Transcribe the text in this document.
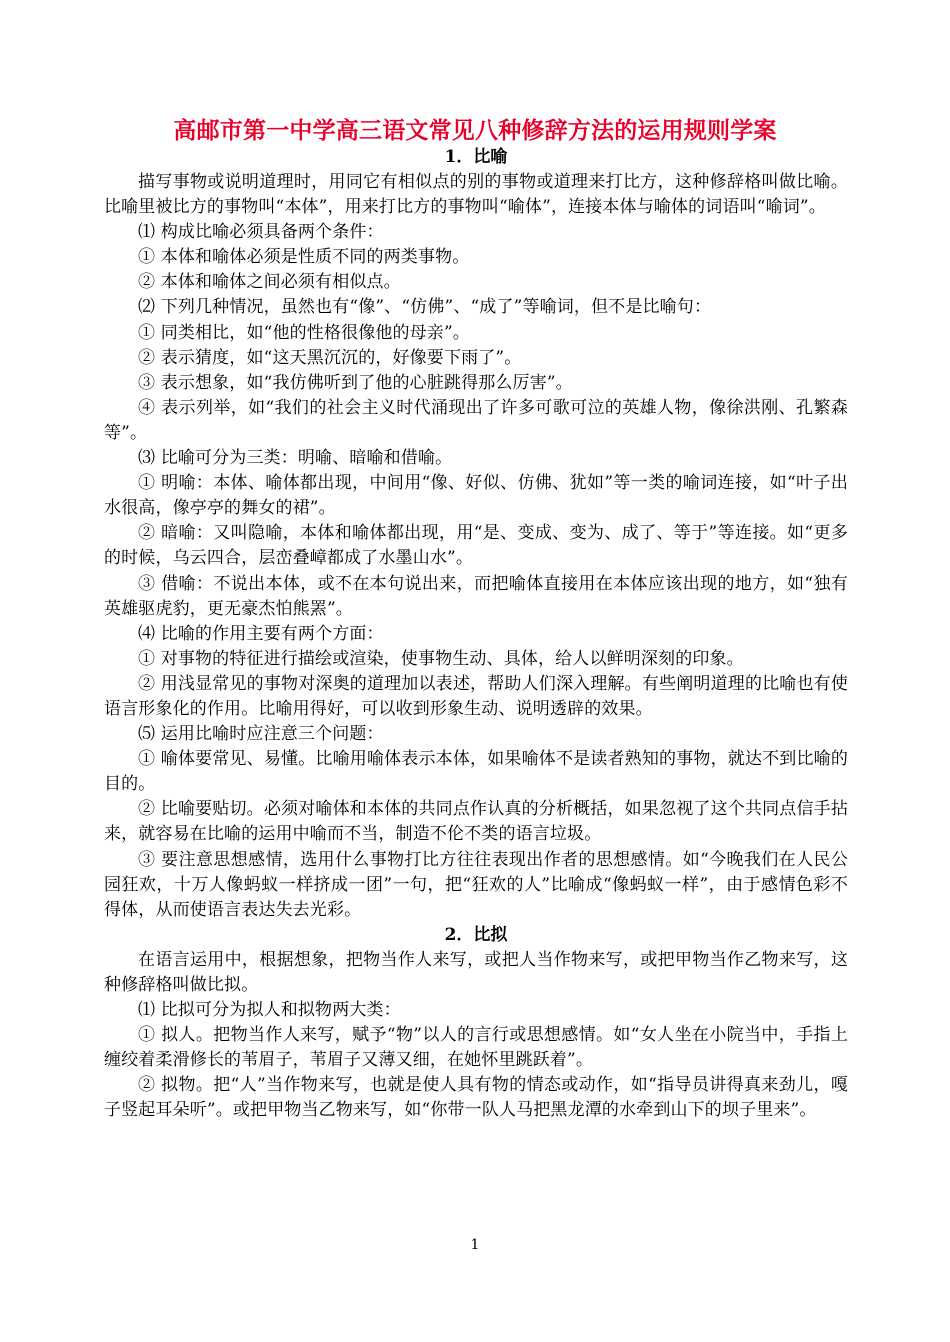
高邮市第一中学高三语文常见八种修辞方法的运用规则学案
1．比喻

描写事物或说明道理时，用同它有相似点的别的事物或道理来打比方，这种修辞格叫做比喻。比喻里被比方的事物叫“本体”，用来打比方的事物叫“喻体”，连接本体与喻体的词语叫“喻词”。

⑴ 构成比喻必须具备两个条件：

① 本体和喻体必须是性质不同的两类事物。

② 本体和喻体之间必须有相似点。

⑵ 下列几种情况，虽然也有“像”、“仿佛”、“成了”等喻词，但不是比喻句：

① 同类相比，如“他的性格很像他的母亲”。

② 表示猜度，如“这天黑沉沉的，好像要下雨了”。

③ 表示想象，如“我仿佛听到了他的心脏跳得那么厉害”。

④ 表示列举，如“我们的社会主义时代涌现出了许多可歌可泣的英雄人物，像徐洪刚、孔繁森等”。

⑶ 比喻可分为三类：明喻、暗喻和借喻。

① 明喻：本体、喻体都出现，中间用“像、好似、仿佛、犹如”等一类的喻词连接，如“叶子出水很高，像亭亭的舞女的裙”。

② 暗喻：又叫隐喻，本体和喻体都出现，用“是、变成、变为、成了、等于”等连接。如“更多的时候，乌云四合，层峦叠嶂都成了水墨山水”。

③ 借喻：不说出本体，或不在本句说出来，而把喻体直接用在本体应该出现的地方，如“独有英雄驱虎豹，更无豪杰怕熊罴”。

⑷ 比喻的作用主要有两个方面：

① 对事物的特征进行描绘或渲染，使事物生动、具体，给人以鲜明深刻的印象。

② 用浅显常见的事物对深奥的道理加以表述，帮助人们深入理解。有些阐明道理的比喻也有使语言形象化的作用。比喻用得好，可以收到形象生动、说明透辟的效果。

⑸ 运用比喻时应注意三个问题：

① 喻体要常见、易懂。比喻用喻体表示本体，如果喻体不是读者熟知的事物，就达不到比喻的目的。

② 比喻要贴切。必须对喻体和本体的共同点作认真的分析概括，如果忽视了这个共同点信手拈来，就容易在比喻的运用中喻而不当，制造不伦不类的语言垃圾。

③ 要注意思想感情，选用什么事物打比方往往表现出作者的思想感情。如“今晚我们在人民公园狂欢，十万人像蚂蚁一样挤成一团”一句，把“狂欢的人”比喻成“像蚂蚁一样”，由于感情色彩不得体，从而使语言表达失去光彩。

2．比拟

在语言运用中，根据想象，把物当作人来写，或把人当作物来写，或把甲物当作乙物来写，这种修辞格叫做比拟。

⑴ 比拟可分为拟人和拟物两大类：

① 拟人。把物当作人来写，赋予“物”以人的言行或思想感情。如“女人坐在小院当中，手指上缠绞着柔滑修长的苇眉子，苇眉子又薄又细，在她怀里跳跃着”。

② 拟物。把“人”当作物来写，也就是使人具有物的情态或动作，如“指导员讲得真来劲儿，嘎子竖起耳朵听”。或把甲物当乙物来写，如“你带一队人马把黑龙潭的水牵到山下的坝子里来”。

1
